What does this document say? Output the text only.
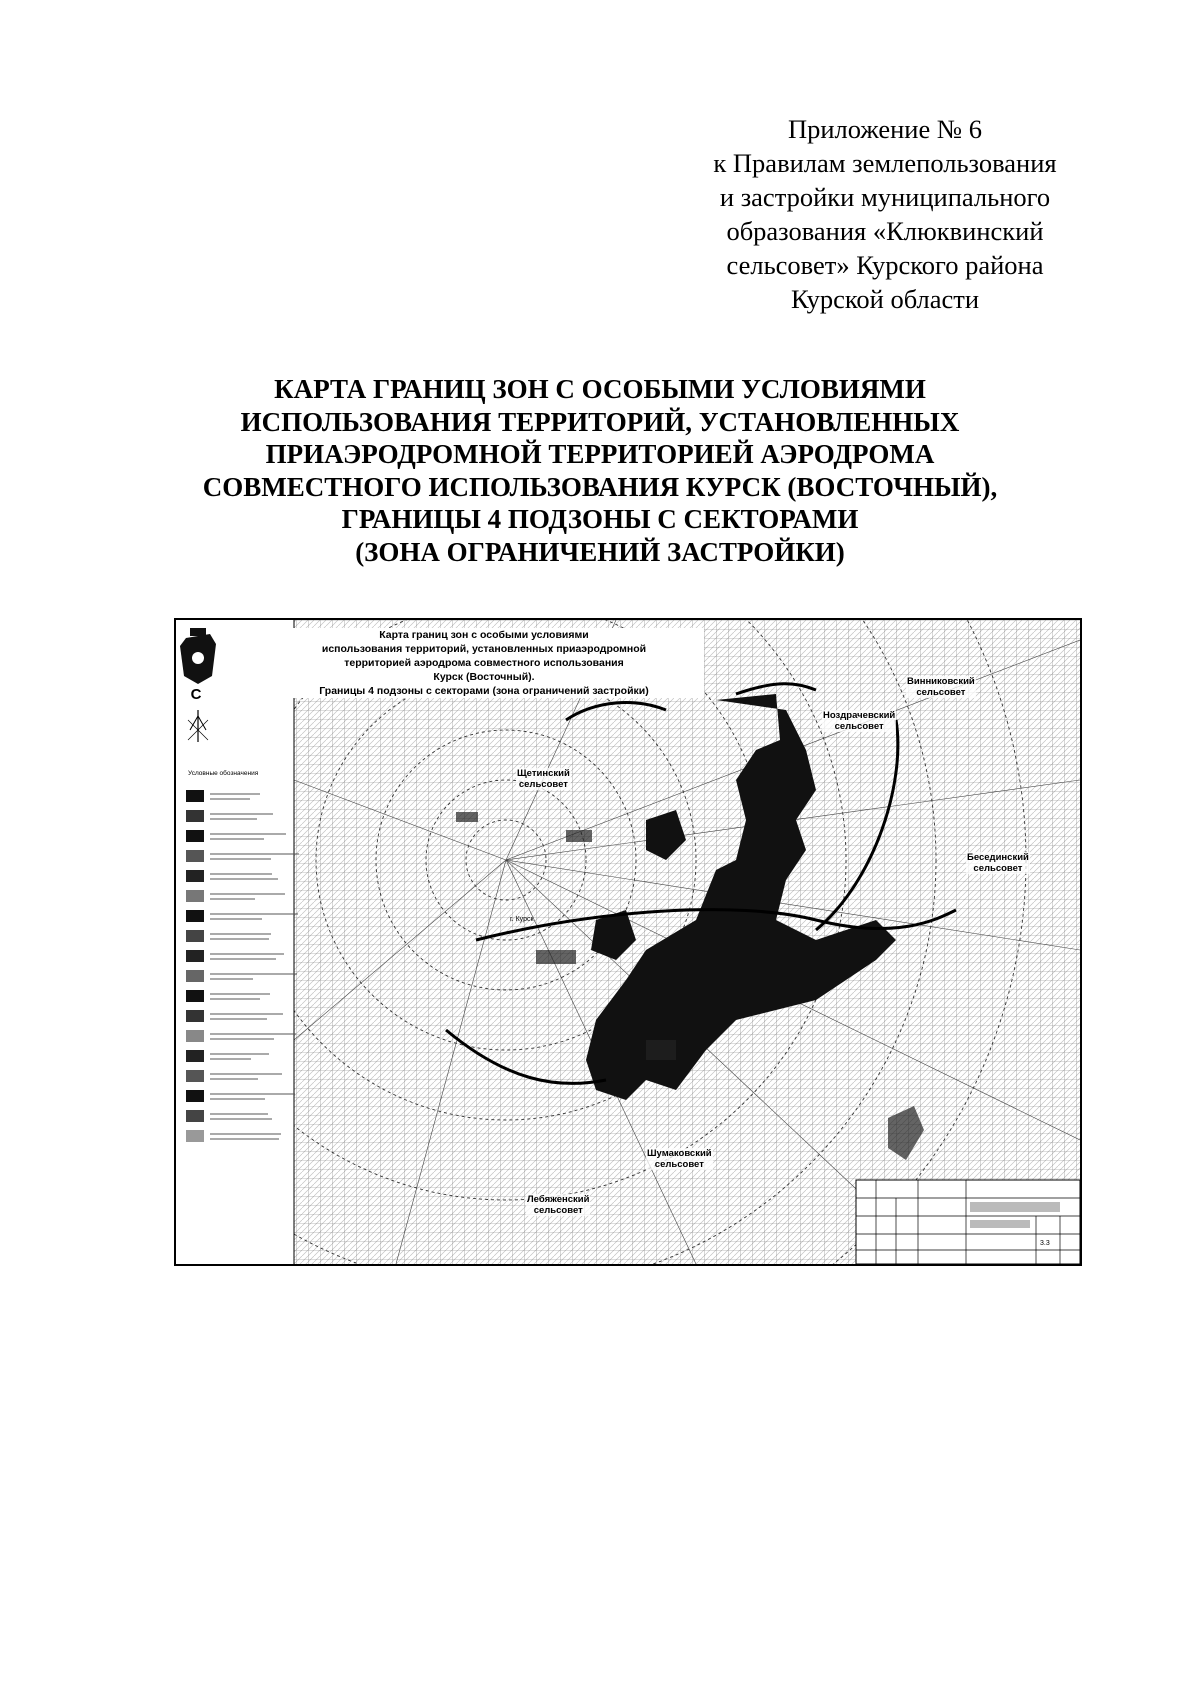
Приложение № 6
к Правилам землепользования
и застройки муниципального
образования «Клюквинский
сельсовет» Курского района
Курской области
КАРТА ГРАНИЦ ЗОН С ОСОБЫМИ УСЛОВИЯМИ
ИСПОЛЬЗОВАНИЯ ТЕРРИТОРИЙ, УСТАНОВЛЕННЫХ
ПРИАЭРОДРОМНОЙ ТЕРРИТОРИЕЙ АЭРОДРОМА
СОВМЕСТНОГО ИСПОЛЬЗОВАНИЯ КУРСК (ВОСТОЧНЫЙ),
ГРАНИЦЫ 4 ПОДЗОНЫ С СЕКТОРАМИ
(ЗОНА ОГРАНИЧЕНИЙ ЗАСТРОЙКИ)
Карта границ зон с особыми условиями
использования территорий, установленных приаэродромной
территорией аэродрома совместного использования
Курск (Восточный).
Границы 4 подзоны с секторами (зона ограничений застройки)
С
Условные обозначения
Винниковский
сельсовет
Ноздрачевский
сельсовет
Щетинский
сельсовет
Бесединский
сельсовет
Шумаковский
сельсовет
Лебяженский
сельсовет
г. Курск
3.3
